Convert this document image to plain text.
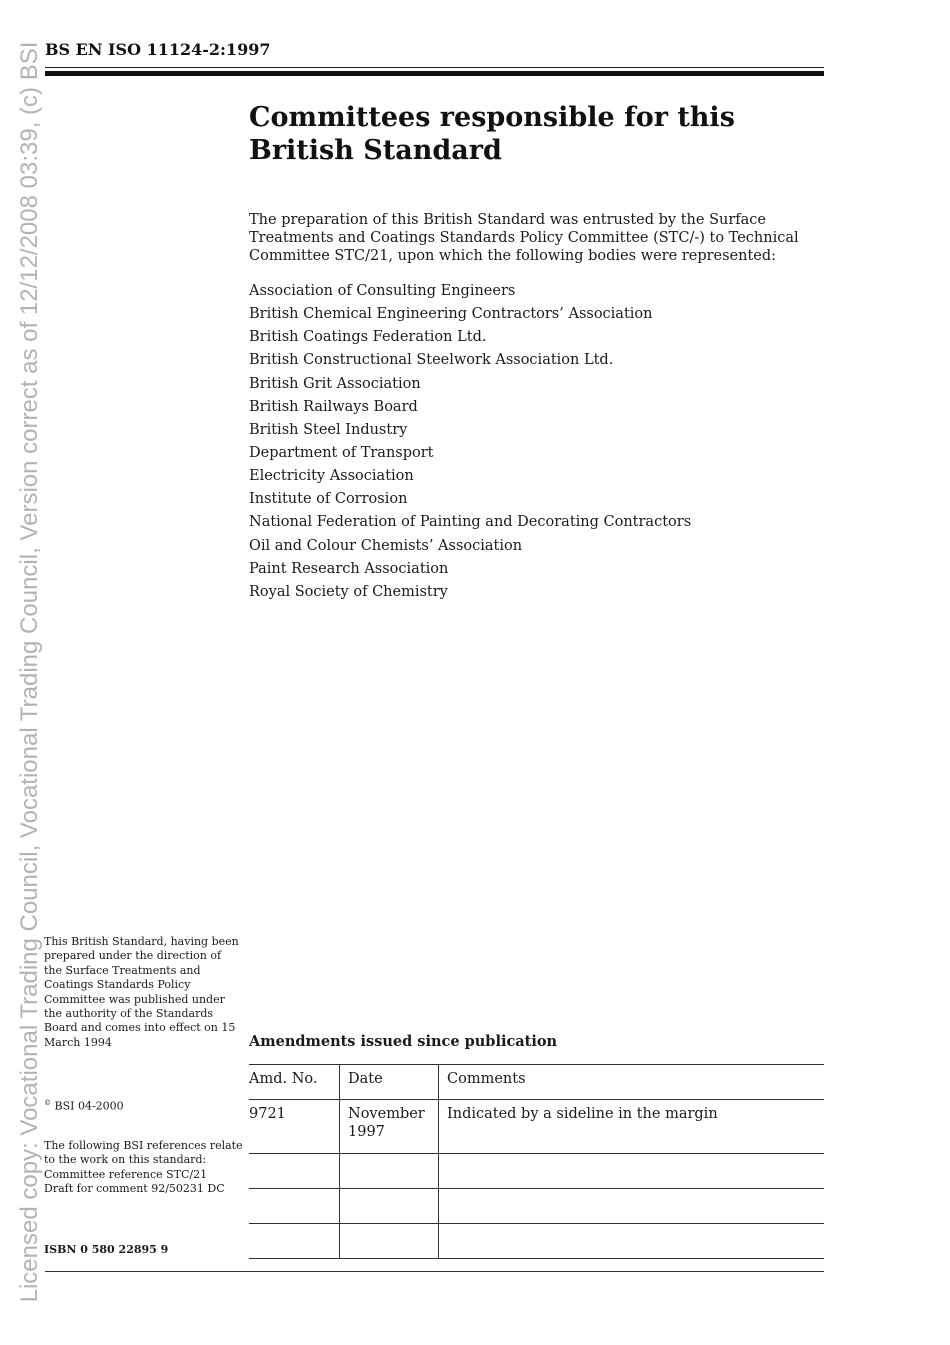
Licensed copy: Vocational Trading Council, Vocational Trading Council, Version correct as of 12/12/2008 03:39, (c) BSI BS EN ISO 11124-2:1997
Committees responsible for this British Standard

The preparation of this British Standard was entrusted by the Surface Treatments and Coatings Standards Policy Committee (STC/-) to Technical Committee STC/21, upon which the following bodies were represented:

Association of Consulting Engineers
British Chemical Engineering Contractors’ Association
British Coatings Federation Ltd.
British Constructional Steelwork Association Ltd.
British Grit Association
British Railways Board
British Steel Industry
Department of Transport
Electricity Association
Institute of Corrosion
National Federation of Painting and Decorating Contractors
Oil and Colour Chemists’ Association
Paint Research Association
Royal Society of Chemistry

This British Standard, having been prepared under the direction of the Surface Treatments and Coatings Standards Policy Committee was published under the authority of the Standards Board and comes into effect on 15 March 1994

© BSI 04-2000
The following BSI references relate to the work on this standard:
Committee reference STC/21
Draft for comment 92/50231 DC
ISBN 0 580 22895 9
Amendments issued since publication
Amd. No.	Date	Comments
9721	November 1997	Indicated by a sideline in the margin
